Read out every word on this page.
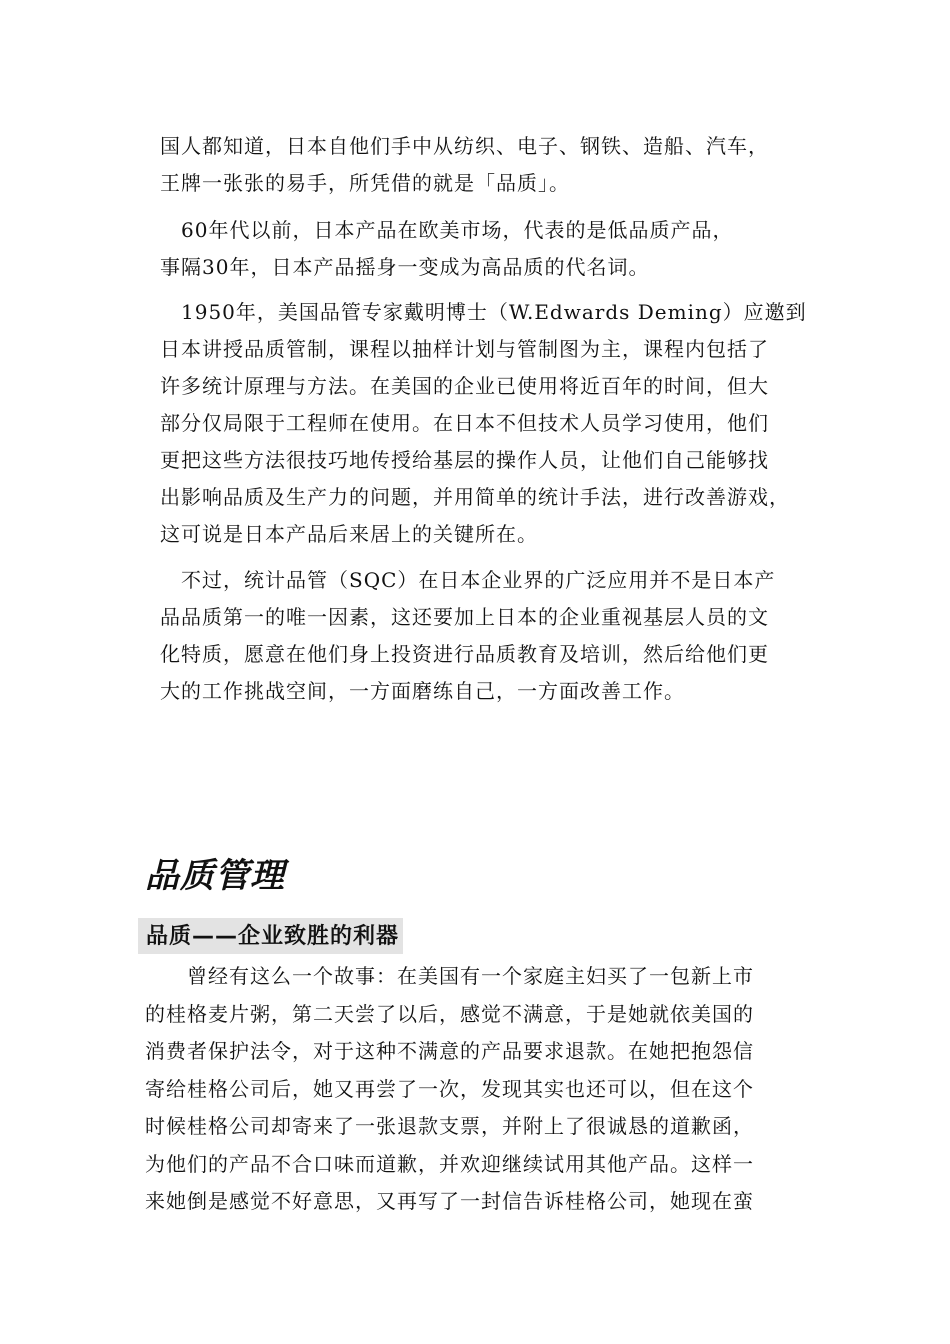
国人都知道，日本自他们手中从纺织、电子、钢铁、造船、汽车，
王牌一张张的易手，所凭借的就是「品质」。
　60年代以前，日本产品在欧美市场，代表的是低品质产品，
事隔30年，日本产品摇身一变成为高品质的代名词。
　1950年，美国品管专家戴明博士（W.Edwards Deming）应邀到
日本讲授品质管制，课程以抽样计划与管制图为主，课程内包括了
许多统计原理与方法。在美国的企业已使用将近百年的时间，但大
部分仅局限于工程师在使用。在日本不但技术人员学习使用，他们
更把这些方法很技巧地传授给基层的操作人员，让他们自己能够找
出影响品质及生产力的问题，并用简单的统计手法，进行改善游戏，
这可说是日本产品后来居上的关键所在。
　不过，统计品管（SQC）在日本企业界的广泛应用并不是日本产
品品质第一的唯一因素，这还要加上日本的企业重视基层人员的文
化特质，愿意在他们身上投资进行品质教育及培训，然后给他们更
大的工作挑战空间，一方面磨练自己，一方面改善工作。
品质管理
品质——企业致胜的利器
　　曾经有这么一个故事：在美国有一个家庭主妇买了一包新上市
的桂格麦片粥，第二天尝了以后，感觉不满意，于是她就依美国的
消费者保护法令，对于这种不满意的产品要求退款。在她把抱怨信
寄给桂格公司后，她又再尝了一次，发现其实也还可以，但在这个
时候桂格公司却寄来了一张退款支票，并附上了很诚恳的道歉函，
为他们的产品不合口味而道歉，并欢迎继续试用其他产品。这样一
来她倒是感觉不好意思，又再写了一封信告诉桂格公司，她现在蛮
